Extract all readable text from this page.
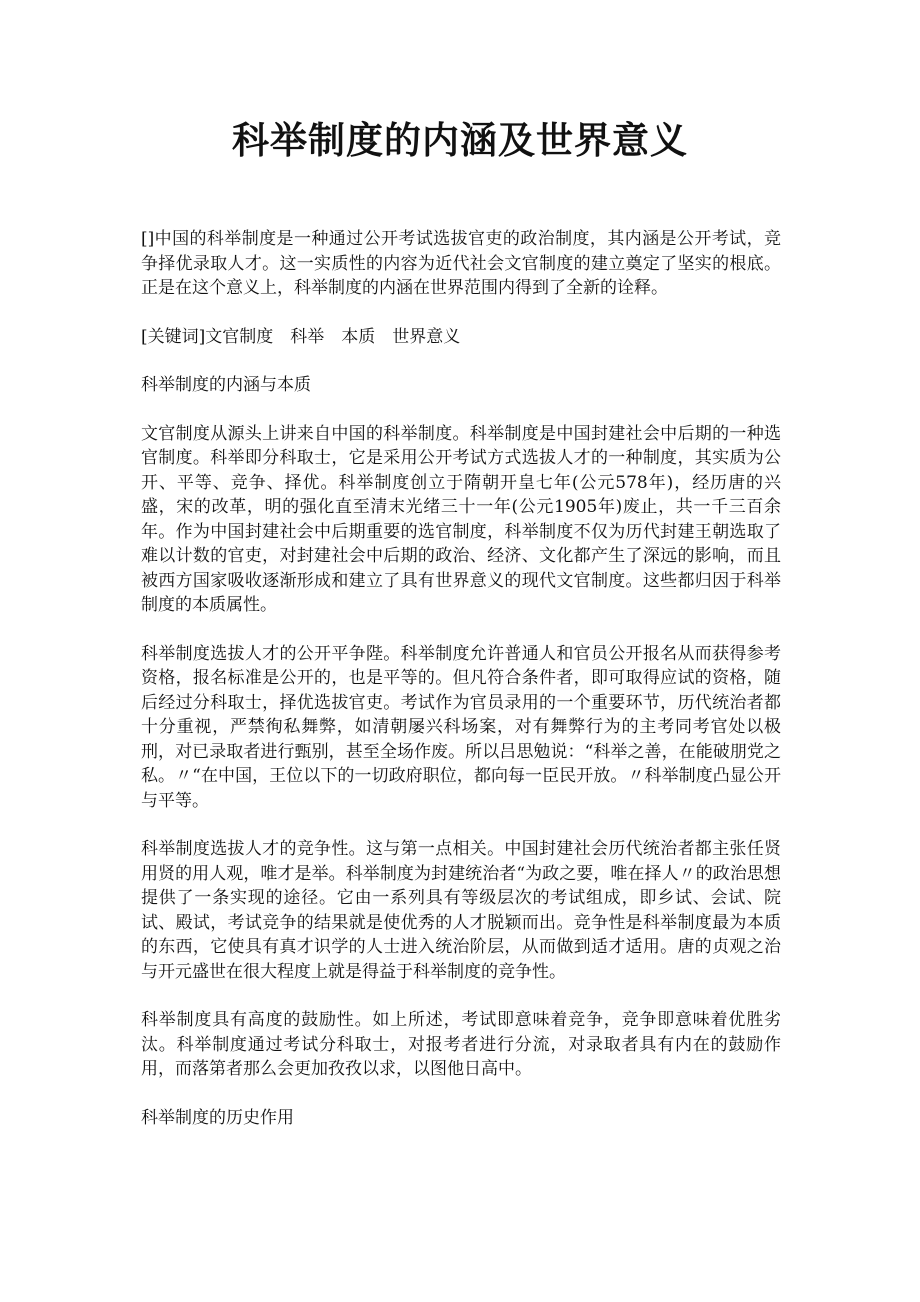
科举制度的内涵及世界意义

[]中国的科举制度是一种通过公开考试选拔官吏的政治制度，其内涵是公开考试，竞争择优录取人才。这一实质性的内容为近代社会文官制度的建立奠定了坚实的根底。正是在这个意义上，科举制度的内涵在世界范围内得到了全新的诠释。

[关键词]文官制度　科举　本质　世界意义

科举制度的内涵与本质

文官制度从源头上讲来自中国的科举制度。科举制度是中国封建社会中后期的一种选官制度。科举即分科取士，它是采用公开考试方式选拔人才的一种制度，其实质为公开、平等、竞争、择优。科举制度创立于隋朝开皇七年(公元578年)，经历唐的兴盛，宋的改革，明的强化直至清末光绪三十一年(公元1905年)废止，共一千三百余年。作为中国封建社会中后期重要的选官制度，科举制度不仅为历代封建王朝选取了难以计数的官吏，对封建社会中后期的政治、经济、文化都产生了深远的影响，而且被西方国家吸收逐渐形成和建立了具有世界意义的现代文官制度。这些都归因于科举制度的本质属性。

科举制度选拔人才的公开平争陛。科举制度允许普通人和官员公开报名从而获得参考资格，报名标准是公开的，也是平等的。但凡符合条件者，即可取得应试的资格，随后经过分科取士，择优选拔官吏。考试作为官员录用的一个重要环节，历代统治者都十分重视，严禁徇私舞弊，如清朝屡兴科场案，对有舞弊行为的主考同考官处以极刑，对已录取者进行甄别，甚至全场作废。所以吕思勉说：“科举之善，在能破朋党之私。〃“在中国，王位以下的一切政府职位，都向每一臣民开放。〃科举制度凸显公开与平等。

科举制度选拔人才的竞争性。这与第一点相关。中国封建社会历代统治者都主张任贤用贤的用人观，唯才是举。科举制度为封建统治者“为政之要，唯在择人〃的政治思想提供了一条实现的途径。它由一系列具有等级层次的考试组成，即乡试、会试、院试、殿试，考试竞争的结果就是使优秀的人才脱颖而出。竞争性是科举制度最为本质的东西，它使具有真才识学的人士进入统治阶层，从而做到适才适用。唐的贞观之治与开元盛世在很大程度上就是得益于科举制度的竞争性。

科举制度具有高度的鼓励性。如上所述，考试即意味着竞争，竞争即意味着优胜劣汰。科举制度通过考试分科取士，对报考者进行分流，对录取者具有内在的鼓励作用，而落第者那么会更加孜孜以求，以图他日高中。

科举制度的历史作用
